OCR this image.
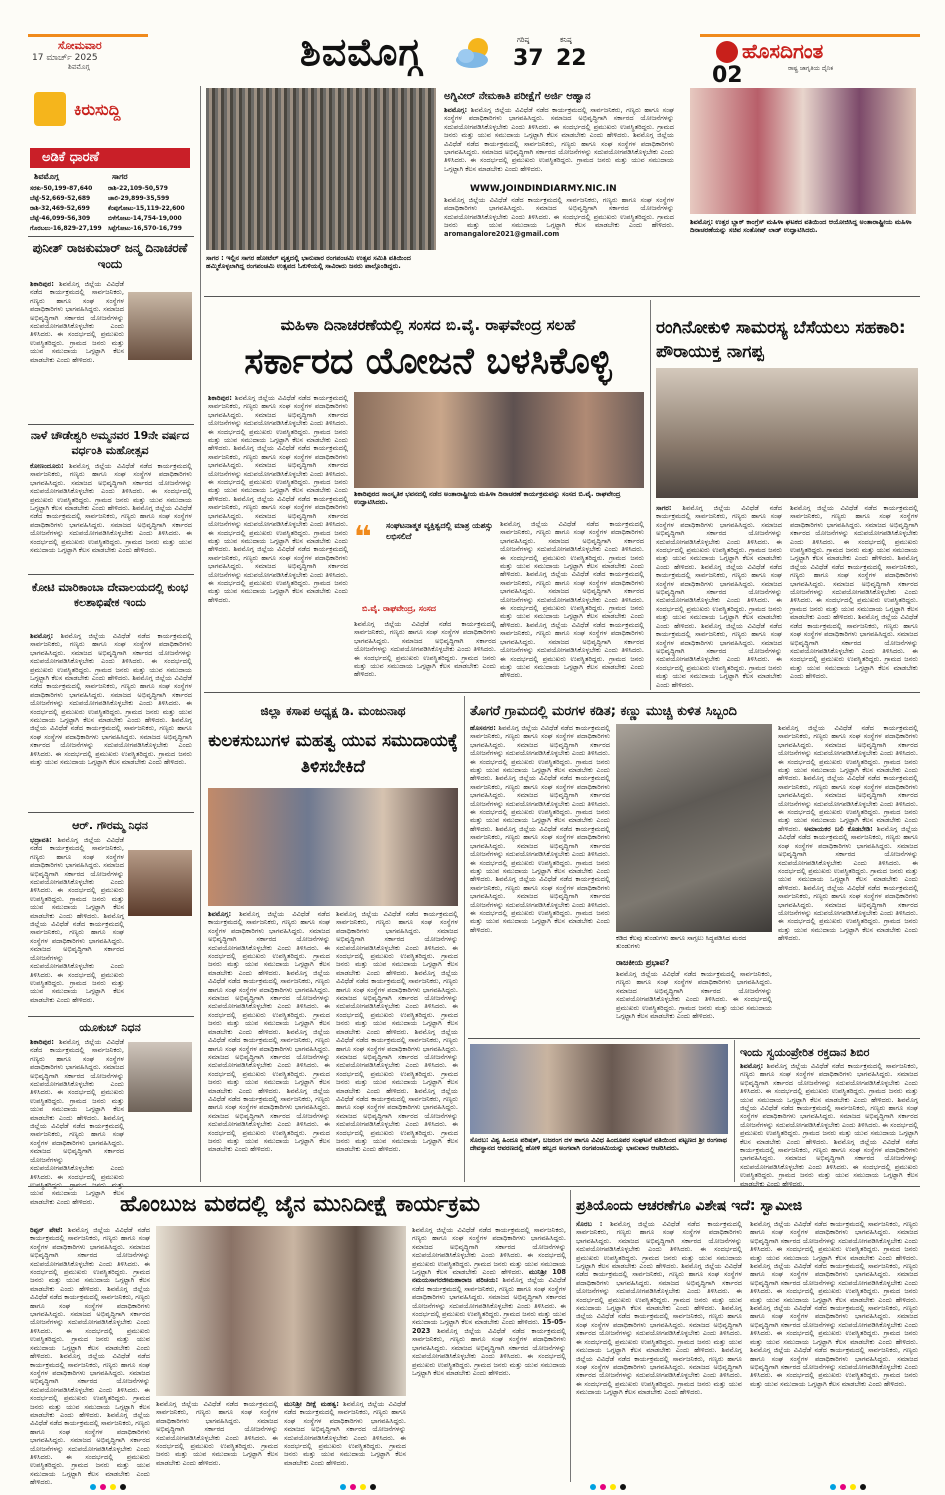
ಸೋಮವಾರ
17 ಮಾರ್ಚ್ 2025
ಶಿವಮೊಗ್ಗ	ಶಿವಮೊಗ್ಗ	ಗರಿಷ್ಠ
37
ಕನಿಷ್ಠ
22	ಹೊಸದಿಗಂತ
ರಾಷ್ಟ್ರ ಜಾಗೃತಿಯ ದೈನಿಕ
02
ಕಿರುಸುದ್ದಿ
ಅಡಿಕೆ ಧಾರಣೆ
ಶಿವಮೊಗ್ಗ	ಸಾಗರ
ಸರಕು-50,199-87,640
ಬೆಟ್ಟೆ-52,669-52,689
ರಾಶಿ-32,469-52,699
ಬೆಟ್ಟೆ-46,099-56,309
ಗೊರಬಲು-16,829-27,199
ರಾಶಿ-22,109-50,579
ಚಾಲಿ-29,899-35,599
ಕೆಂಪುಗೋಟು-15,119-22,600
ಬಿಳೆಗೋಟು-14,754-19,000
ಸಿಪ್ಪೆಗೋಟು-16,570-16,799
ಪುನೀತ್ ರಾಜಕುಮಾರ್ ಜನ್ಮ ದಿನಾಚರಣೆ ಇಂದು
ಶಿಕಾರಿಪುರ: ಶಿವಮೊಗ್ಗ ಜಿಲ್ಲೆಯ ವಿವಿಧೆಡೆ ನಡೆದ ಕಾರ್ಯಕ್ರಮದಲ್ಲಿ ಸಾರ್ವಜನಿಕರು, ಗಣ್ಯರು ಹಾಗೂ ಸಂಘ ಸಂಸ್ಥೆಗಳ ಪದಾಧಿಕಾರಿಗಳು ಭಾಗವಹಿಸಿದ್ದರು. ಸಮಾಜದ ಅಭಿವೃದ್ಧಿಗಾಗಿ ಸರ್ಕಾರದ ಯೋಜನೆಗಳನ್ನು ಸದುಪಯೋಗಪಡಿಸಿಕೊಳ್ಳಬೇಕು ಎಂದು ತಿಳಿಸಿದರು. ಈ ಸಂದರ್ಭದಲ್ಲಿ ಪ್ರಮುಖರು ಉಪಸ್ಥಿತರಿದ್ದರು. ಗ್ರಾಮದ ಜನರು ಮತ್ತು ಯುವ ಸಮುದಾಯ ಒಗ್ಗಟ್ಟಾಗಿ ಕೆಲಸ ಮಾಡಬೇಕು ಎಂದು ಹೇಳಿದರು.
ನಾಳೆ ಚೌಡೇಶ್ವರಿ ಅಮ್ಮನವರ 19ನೇ ವರ್ಷದ ವರ್ಧಂತಿ ಮಹೋತ್ಸವ
ಕೋಣಂದೂರು: ಶಿವಮೊಗ್ಗ ಜಿಲ್ಲೆಯ ವಿವಿಧೆಡೆ ನಡೆದ ಕಾರ್ಯಕ್ರಮದಲ್ಲಿ ಸಾರ್ವಜನಿಕರು, ಗಣ್ಯರು ಹಾಗೂ ಸಂಘ ಸಂಸ್ಥೆಗಳ ಪದಾಧಿಕಾರಿಗಳು ಭಾಗವಹಿಸಿದ್ದರು. ಸಮಾಜದ ಅಭಿವೃದ್ಧಿಗಾಗಿ ಸರ್ಕಾರದ ಯೋಜನೆಗಳನ್ನು ಸದುಪಯೋಗಪಡಿಸಿಕೊಳ್ಳಬೇಕು ಎಂದು ತಿಳಿಸಿದರು. ಈ ಸಂದರ್ಭದಲ್ಲಿ ಪ್ರಮುಖರು ಉಪಸ್ಥಿತರಿದ್ದರು. ಗ್ರಾಮದ ಜನರು ಮತ್ತು ಯುವ ಸಮುದಾಯ ಒಗ್ಗಟ್ಟಾಗಿ ಕೆಲಸ ಮಾಡಬೇಕು ಎಂದು ಹೇಳಿದರು. ಶಿವಮೊಗ್ಗ ಜಿಲ್ಲೆಯ ವಿವಿಧೆಡೆ ನಡೆದ ಕಾರ್ಯಕ್ರಮದಲ್ಲಿ ಸಾರ್ವಜನಿಕರು, ಗಣ್ಯರು ಹಾಗೂ ಸಂಘ ಸಂಸ್ಥೆಗಳ ಪದಾಧಿಕಾರಿಗಳು ಭಾಗವಹಿಸಿದ್ದರು. ಸಮಾಜದ ಅಭಿವೃದ್ಧಿಗಾಗಿ ಸರ್ಕಾರದ ಯೋಜನೆಗಳನ್ನು ಸದುಪಯೋಗಪಡಿಸಿಕೊಳ್ಳಬೇಕು ಎಂದು ತಿಳಿಸಿದರು. ಈ ಸಂದರ್ಭದಲ್ಲಿ ಪ್ರಮುಖರು ಉಪಸ್ಥಿತರಿದ್ದರು. ಗ್ರಾಮದ ಜನರು ಮತ್ತು ಯುವ ಸಮುದಾಯ ಒಗ್ಗಟ್ಟಾಗಿ ಕೆಲಸ ಮಾಡಬೇಕು ಎಂದು ಹೇಳಿದರು.
ಕೋಟಿ ಮಾರಿಕಾಂಬಾ ದೇವಾಲಯದಲ್ಲಿ ಕುಂಭ ಕಲಶಾಭಿಷೇಕ ಇಂದು
ಶಿವಮೊಗ್ಗ: ಶಿವಮೊಗ್ಗ ಜಿಲ್ಲೆಯ ವಿವಿಧೆಡೆ ನಡೆದ ಕಾರ್ಯಕ್ರಮದಲ್ಲಿ ಸಾರ್ವಜನಿಕರು, ಗಣ್ಯರು ಹಾಗೂ ಸಂಘ ಸಂಸ್ಥೆಗಳ ಪದಾಧಿಕಾರಿಗಳು ಭಾಗವಹಿಸಿದ್ದರು. ಸಮಾಜದ ಅಭಿವೃದ್ಧಿಗಾಗಿ ಸರ್ಕಾರದ ಯೋಜನೆಗಳನ್ನು ಸದುಪಯೋಗಪಡಿಸಿಕೊಳ್ಳಬೇಕು ಎಂದು ತಿಳಿಸಿದರು. ಈ ಸಂದರ್ಭದಲ್ಲಿ ಪ್ರಮುಖರು ಉಪಸ್ಥಿತರಿದ್ದರು. ಗ್ರಾಮದ ಜನರು ಮತ್ತು ಯುವ ಸಮುದಾಯ ಒಗ್ಗಟ್ಟಾಗಿ ಕೆಲಸ ಮಾಡಬೇಕು ಎಂದು ಹೇಳಿದರು. ಶಿವಮೊಗ್ಗ ಜಿಲ್ಲೆಯ ವಿವಿಧೆಡೆ ನಡೆದ ಕಾರ್ಯಕ್ರಮದಲ್ಲಿ ಸಾರ್ವಜನಿಕರು, ಗಣ್ಯರು ಹಾಗೂ ಸಂಘ ಸಂಸ್ಥೆಗಳ ಪದಾಧಿಕಾರಿಗಳು ಭಾಗವಹಿಸಿದ್ದರು. ಸಮಾಜದ ಅಭಿವೃದ್ಧಿಗಾಗಿ ಸರ್ಕಾರದ ಯೋಜನೆಗಳನ್ನು ಸದುಪಯೋಗಪಡಿಸಿಕೊಳ್ಳಬೇಕು ಎಂದು ತಿಳಿಸಿದರು. ಈ ಸಂದರ್ಭದಲ್ಲಿ ಪ್ರಮುಖರು ಉಪಸ್ಥಿತರಿದ್ದರು. ಗ್ರಾಮದ ಜನರು ಮತ್ತು ಯುವ ಸಮುದಾಯ ಒಗ್ಗಟ್ಟಾಗಿ ಕೆಲಸ ಮಾಡಬೇಕು ಎಂದು ಹೇಳಿದರು. ಶಿವಮೊಗ್ಗ ಜಿಲ್ಲೆಯ ವಿವಿಧೆಡೆ ನಡೆದ ಕಾರ್ಯಕ್ರಮದಲ್ಲಿ ಸಾರ್ವಜನಿಕರು, ಗಣ್ಯರು ಹಾಗೂ ಸಂಘ ಸಂಸ್ಥೆಗಳ ಪದಾಧಿಕಾರಿಗಳು ಭಾಗವಹಿಸಿದ್ದರು. ಸಮಾಜದ ಅಭಿವೃದ್ಧಿಗಾಗಿ ಸರ್ಕಾರದ ಯೋಜನೆಗಳನ್ನು ಸದುಪಯೋಗಪಡಿಸಿಕೊಳ್ಳಬೇಕು ಎಂದು ತಿಳಿಸಿದರು. ಈ ಸಂದರ್ಭದಲ್ಲಿ ಪ್ರಮುಖರು ಉಪಸ್ಥಿತರಿದ್ದರು. ಗ್ರಾಮದ ಜನರು ಮತ್ತು ಯುವ ಸಮುದಾಯ ಒಗ್ಗಟ್ಟಾಗಿ ಕೆಲಸ ಮಾಡಬೇಕು ಎಂದು ಹೇಳಿದರು.
ಆರ್. ಗೌರಮ್ಮ ನಿಧನ
ಭದ್ರಾವತಿ: ಶಿವಮೊಗ್ಗ ಜಿಲ್ಲೆಯ ವಿವಿಧೆಡೆ ನಡೆದ ಕಾರ್ಯಕ್ರಮದಲ್ಲಿ ಸಾರ್ವಜನಿಕರು, ಗಣ್ಯರು ಹಾಗೂ ಸಂಘ ಸಂಸ್ಥೆಗಳ ಪದಾಧಿಕಾರಿಗಳು ಭಾಗವಹಿಸಿದ್ದರು. ಸಮಾಜದ ಅಭಿವೃದ್ಧಿಗಾಗಿ ಸರ್ಕಾರದ ಯೋಜನೆಗಳನ್ನು ಸದುಪಯೋಗಪಡಿಸಿಕೊಳ್ಳಬೇಕು ಎಂದು ತಿಳಿಸಿದರು. ಈ ಸಂದರ್ಭದಲ್ಲಿ ಪ್ರಮುಖರು ಉಪಸ್ಥಿತರಿದ್ದರು. ಗ್ರಾಮದ ಜನರು ಮತ್ತು ಯುವ ಸಮುದಾಯ ಒಗ್ಗಟ್ಟಾಗಿ ಕೆಲಸ ಮಾಡಬೇಕು ಎಂದು ಹೇಳಿದರು. ಶಿವಮೊಗ್ಗ ಜಿಲ್ಲೆಯ ವಿವಿಧೆಡೆ ನಡೆದ ಕಾರ್ಯಕ್ರಮದಲ್ಲಿ ಸಾರ್ವಜನಿಕರು, ಗಣ್ಯರು ಹಾಗೂ ಸಂಘ ಸಂಸ್ಥೆಗಳ ಪದಾಧಿಕಾರಿಗಳು ಭಾಗವಹಿಸಿದ್ದರು. ಸಮಾಜದ ಅಭಿವೃದ್ಧಿಗಾಗಿ ಸರ್ಕಾರದ ಯೋಜನೆಗಳನ್ನು ಸದುಪಯೋಗಪಡಿಸಿಕೊಳ್ಳಬೇಕು ಎಂದು ತಿಳಿಸಿದರು. ಈ ಸಂದರ್ಭದಲ್ಲಿ ಪ್ರಮುಖರು ಉಪಸ್ಥಿತರಿದ್ದರು. ಗ್ರಾಮದ ಜನರು ಮತ್ತು ಯುವ ಸಮುದಾಯ ಒಗ್ಗಟ್ಟಾಗಿ ಕೆಲಸ ಮಾಡಬೇಕು ಎಂದು ಹೇಳಿದರು.
ಯೂಕುಬ್ ನಿಧನ
ಶಿಕಾರಿಪುರ: ಶಿವಮೊಗ್ಗ ಜಿಲ್ಲೆಯ ವಿವಿಧೆಡೆ ನಡೆದ ಕಾರ್ಯಕ್ರಮದಲ್ಲಿ ಸಾರ್ವಜನಿಕರು, ಗಣ್ಯರು ಹಾಗೂ ಸಂಘ ಸಂಸ್ಥೆಗಳ ಪದಾಧಿಕಾರಿಗಳು ಭಾಗವಹಿಸಿದ್ದರು. ಸಮಾಜದ ಅಭಿವೃದ್ಧಿಗಾಗಿ ಸರ್ಕಾರದ ಯೋಜನೆಗಳನ್ನು ಸದುಪಯೋಗಪಡಿಸಿಕೊಳ್ಳಬೇಕು ಎಂದು ತಿಳಿಸಿದರು. ಈ ಸಂದರ್ಭದಲ್ಲಿ ಪ್ರಮುಖರು ಉಪಸ್ಥಿತರಿದ್ದರು. ಗ್ರಾಮದ ಜನರು ಮತ್ತು ಯುವ ಸಮುದಾಯ ಒಗ್ಗಟ್ಟಾಗಿ ಕೆಲಸ ಮಾಡಬೇಕು ಎಂದು ಹೇಳಿದರು. ಶಿವಮೊಗ್ಗ ಜಿಲ್ಲೆಯ ವಿವಿಧೆಡೆ ನಡೆದ ಕಾರ್ಯಕ್ರಮದಲ್ಲಿ ಸಾರ್ವಜನಿಕರು, ಗಣ್ಯರು ಹಾಗೂ ಸಂಘ ಸಂಸ್ಥೆಗಳ ಪದಾಧಿಕಾರಿಗಳು ಭಾಗವಹಿಸಿದ್ದರು. ಸಮಾಜದ ಅಭಿವೃದ್ಧಿಗಾಗಿ ಸರ್ಕಾರದ ಯೋಜನೆಗಳನ್ನು ಸದುಪಯೋಗಪಡಿಸಿಕೊಳ್ಳಬೇಕು ಎಂದು ತಿಳಿಸಿದರು. ಈ ಸಂದರ್ಭದಲ್ಲಿ ಪ್ರಮುಖರು ಉಪಸ್ಥಿತರಿದ್ದರು. ಗ್ರಾಮದ ಜನರು ಮತ್ತು ಯುವ ಸಮುದಾಯ ಒಗ್ಗಟ್ಟಾಗಿ ಕೆಲಸ ಮಾಡಬೇಕು ಎಂದು ಹೇಳಿದರು.
ಸಾಗರ : ಇಲ್ಲಿನ ಸಾಗರ ಹೋಟೆಲ್ ವೃತ್ತದಲ್ಲಿ ಭಾನುವಾರ ರಂಗಪಂಚಮಿ ಉತ್ಸವ ಸಮಿತಿ ವತಿಯಿಂದ ಹಮ್ಮಿಕೊಳ್ಳಲಾಗಿದ್ದ ರಂಗಪಂಚಮಿ ಉತ್ಸವದ ಓಕುಳಿಯಲ್ಲಿ ಸಾವಿರಾರು ಜನರು ಪಾಲ್ಗೊಂಡಿದ್ದರು.
ಅಗ್ನಿವೀರ್ ನೇಮಕಾತಿ ಪರೀಕ್ಷೆಗೆ ಅರ್ಜಿ ಆಹ್ವಾನ
ಶಿವಮೊಗ್ಗ: ಶಿವಮೊಗ್ಗ ಜಿಲ್ಲೆಯ ವಿವಿಧೆಡೆ ನಡೆದ ಕಾರ್ಯಕ್ರಮದಲ್ಲಿ ಸಾರ್ವಜನಿಕರು, ಗಣ್ಯರು ಹಾಗೂ ಸಂಘ ಸಂಸ್ಥೆಗಳ ಪದಾಧಿಕಾರಿಗಳು ಭಾಗವಹಿಸಿದ್ದರು. ಸಮಾಜದ ಅಭಿವೃದ್ಧಿಗಾಗಿ ಸರ್ಕಾರದ ಯೋಜನೆಗಳನ್ನು ಸದುಪಯೋಗಪಡಿಸಿಕೊಳ್ಳಬೇಕು ಎಂದು ತಿಳಿಸಿದರು. ಈ ಸಂದರ್ಭದಲ್ಲಿ ಪ್ರಮುಖರು ಉಪಸ್ಥಿತರಿದ್ದರು. ಗ್ರಾಮದ ಜನರು ಮತ್ತು ಯುವ ಸಮುದಾಯ ಒಗ್ಗಟ್ಟಾಗಿ ಕೆಲಸ ಮಾಡಬೇಕು ಎಂದು ಹೇಳಿದರು. ಶಿವಮೊಗ್ಗ ಜಿಲ್ಲೆಯ ವಿವಿಧೆಡೆ ನಡೆದ ಕಾರ್ಯಕ್ರಮದಲ್ಲಿ ಸಾರ್ವಜನಿಕರು, ಗಣ್ಯರು ಹಾಗೂ ಸಂಘ ಸಂಸ್ಥೆಗಳ ಪದಾಧಿಕಾರಿಗಳು ಭಾಗವಹಿಸಿದ್ದರು. ಸಮಾಜದ ಅಭಿವೃದ್ಧಿಗಾಗಿ ಸರ್ಕಾರದ ಯೋಜನೆಗಳನ್ನು ಸದುಪಯೋಗಪಡಿಸಿಕೊಳ್ಳಬೇಕು ಎಂದು ತಿಳಿಸಿದರು. ಈ ಸಂದರ್ಭದಲ್ಲಿ ಪ್ರಮುಖರು ಉಪಸ್ಥಿತರಿದ್ದರು. ಗ್ರಾಮದ ಜನರು ಮತ್ತು ಯುವ ಸಮುದಾಯ ಒಗ್ಗಟ್ಟಾಗಿ ಕೆಲಸ ಮಾಡಬೇಕು ಎಂದು ಹೇಳಿದರು.
WWW.JOINDINDIARMY.NIC.IN
ಶಿವಮೊಗ್ಗ ಜಿಲ್ಲೆಯ ವಿವಿಧೆಡೆ ನಡೆದ ಕಾರ್ಯಕ್ರಮದಲ್ಲಿ ಸಾರ್ವಜನಿಕರು, ಗಣ್ಯರು ಹಾಗೂ ಸಂಘ ಸಂಸ್ಥೆಗಳ ಪದಾಧಿಕಾರಿಗಳು ಭಾಗವಹಿಸಿದ್ದರು. ಸಮಾಜದ ಅಭಿವೃದ್ಧಿಗಾಗಿ ಸರ್ಕಾರದ ಯೋಜನೆಗಳನ್ನು ಸದುಪಯೋಗಪಡಿಸಿಕೊಳ್ಳಬೇಕು ಎಂದು ತಿಳಿಸಿದರು. ಈ ಸಂದರ್ಭದಲ್ಲಿ ಪ್ರಮುಖರು ಉಪಸ್ಥಿತರಿದ್ದರು. ಗ್ರಾಮದ ಜನರು ಮತ್ತು ಯುವ ಸಮುದಾಯ ಒಗ್ಗಟ್ಟಾಗಿ ಕೆಲಸ ಮಾಡಬೇಕು ಎಂದು ಹೇಳಿದರು. aromangalore2021@gmail.com
ಶಿವಮೊಗ್ಗ: ಉತ್ತರ ಬ್ಲಾಕ್ ಕಾಂಗ್ರೆಸ್ ಮಹಿಳಾ ಘಟಕದ ವತಿಯಿಂದ ಆಯೋಜಿಸಿದ್ದ ಅಂತಾರಾಷ್ಟ್ರೀಯ ಮಹಿಳಾ ದಿನಾಚರಣೆಯನ್ನು ಸಚಿವ ಸಂತೋಷ್ ಲಾಡ್ ಉದ್ಘಾಟಿಸಿದರು.
ಮಹಿಳಾ ದಿನಾಚರಣೆಯಲ್ಲಿ ಸಂಸದ ಬಿ.ವೈ. ರಾಘವೇಂದ್ರ ಸಲಹೆ
ಸರ್ಕಾರದ ಯೋಜನೆ ಬಳಸಿಕೊಳ್ಳಿ
ಶಿಕಾರಿಪುರ: ಶಿವಮೊಗ್ಗ ಜಿಲ್ಲೆಯ ವಿವಿಧೆಡೆ ನಡೆದ ಕಾರ್ಯಕ್ರಮದಲ್ಲಿ ಸಾರ್ವಜನಿಕರು, ಗಣ್ಯರು ಹಾಗೂ ಸಂಘ ಸಂಸ್ಥೆಗಳ ಪದಾಧಿಕಾರಿಗಳು ಭಾಗವಹಿಸಿದ್ದರು. ಸಮಾಜದ ಅಭಿವೃದ್ಧಿಗಾಗಿ ಸರ್ಕಾರದ ಯೋಜನೆಗಳನ್ನು ಸದುಪಯೋಗಪಡಿಸಿಕೊಳ್ಳಬೇಕು ಎಂದು ತಿಳಿಸಿದರು. ಈ ಸಂದರ್ಭದಲ್ಲಿ ಪ್ರಮುಖರು ಉಪಸ್ಥಿತರಿದ್ದರು. ಗ್ರಾಮದ ಜನರು ಮತ್ತು ಯುವ ಸಮುದಾಯ ಒಗ್ಗಟ್ಟಾಗಿ ಕೆಲಸ ಮಾಡಬೇಕು ಎಂದು ಹೇಳಿದರು. ಶಿವಮೊಗ್ಗ ಜಿಲ್ಲೆಯ ವಿವಿಧೆಡೆ ನಡೆದ ಕಾರ್ಯಕ್ರಮದಲ್ಲಿ ಸಾರ್ವಜನಿಕರು, ಗಣ್ಯರು ಹಾಗೂ ಸಂಘ ಸಂಸ್ಥೆಗಳ ಪದಾಧಿಕಾರಿಗಳು ಭಾಗವಹಿಸಿದ್ದರು. ಸಮಾಜದ ಅಭಿವೃದ್ಧಿಗಾಗಿ ಸರ್ಕಾರದ ಯೋಜನೆಗಳನ್ನು ಸದುಪಯೋಗಪಡಿಸಿಕೊಳ್ಳಬೇಕು ಎಂದು ತಿಳಿಸಿದರು. ಈ ಸಂದರ್ಭದಲ್ಲಿ ಪ್ರಮುಖರು ಉಪಸ್ಥಿತರಿದ್ದರು. ಗ್ರಾಮದ ಜನರು ಮತ್ತು ಯುವ ಸಮುದಾಯ ಒಗ್ಗಟ್ಟಾಗಿ ಕೆಲಸ ಮಾಡಬೇಕು ಎಂದು ಹೇಳಿದರು. ಶಿವಮೊಗ್ಗ ಜಿಲ್ಲೆಯ ವಿವಿಧೆಡೆ ನಡೆದ ಕಾರ್ಯಕ್ರಮದಲ್ಲಿ ಸಾರ್ವಜನಿಕರು, ಗಣ್ಯರು ಹಾಗೂ ಸಂಘ ಸಂಸ್ಥೆಗಳ ಪದಾಧಿಕಾರಿಗಳು ಭಾಗವಹಿಸಿದ್ದರು. ಸಮಾಜದ ಅಭಿವೃದ್ಧಿಗಾಗಿ ಸರ್ಕಾರದ ಯೋಜನೆಗಳನ್ನು ಸದುಪಯೋಗಪಡಿಸಿಕೊಳ್ಳಬೇಕು ಎಂದು ತಿಳಿಸಿದರು. ಈ ಸಂದರ್ಭದಲ್ಲಿ ಪ್ರಮುಖರು ಉಪಸ್ಥಿತರಿದ್ದರು. ಗ್ರಾಮದ ಜನರು ಮತ್ತು ಯುವ ಸಮುದಾಯ ಒಗ್ಗಟ್ಟಾಗಿ ಕೆಲಸ ಮಾಡಬೇಕು ಎಂದು ಹೇಳಿದರು. ಶಿವಮೊಗ್ಗ ಜಿಲ್ಲೆಯ ವಿವಿಧೆಡೆ ನಡೆದ ಕಾರ್ಯಕ್ರಮದಲ್ಲಿ ಸಾರ್ವಜನಿಕರು, ಗಣ್ಯರು ಹಾಗೂ ಸಂಘ ಸಂಸ್ಥೆಗಳ ಪದಾಧಿಕಾರಿಗಳು ಭಾಗವಹಿಸಿದ್ದರು. ಸಮಾಜದ ಅಭಿವೃದ್ಧಿಗಾಗಿ ಸರ್ಕಾರದ ಯೋಜನೆಗಳನ್ನು ಸದುಪಯೋಗಪಡಿಸಿಕೊಳ್ಳಬೇಕು ಎಂದು ತಿಳಿಸಿದರು. ಈ ಸಂದರ್ಭದಲ್ಲಿ ಪ್ರಮುಖರು ಉಪಸ್ಥಿತರಿದ್ದರು. ಗ್ರಾಮದ ಜನರು ಮತ್ತು ಯುವ ಸಮುದಾಯ ಒಗ್ಗಟ್ಟಾಗಿ ಕೆಲಸ ಮಾಡಬೇಕು ಎಂದು ಹೇಳಿದರು.
ಶಿಕಾರಿಪುರದ ಸಾಂಸ್ಕೃತಿಕ ಭವನದಲ್ಲಿ ನಡೆದ ಅಂತಾರಾಷ್ಟ್ರೀಯ ಮಹಿಳಾ ದಿನಾಚರಣೆ ಕಾರ್ಯಕ್ರಮವನ್ನು ಸಂಸದ ಬಿ.ವೈ. ರಾಘವೇಂದ್ರ ಉದ್ಘಾಟಿಸಿದರು.
❝ ಸಂಘಟನಾತ್ಮಕ ವ್ಯಕ್ತಿತ್ವದಲ್ಲಿ ಮಾತ್ರ ಯಶಸ್ಸು ಲಭಿಸಲಿದೆ
ಬಿ.ವೈ. ರಾಘವೇಂದ್ರ, ಸಂಸದ
ಶಿವಮೊಗ್ಗ ಜಿಲ್ಲೆಯ ವಿವಿಧೆಡೆ ನಡೆದ ಕಾರ್ಯಕ್ರಮದಲ್ಲಿ ಸಾರ್ವಜನಿಕರು, ಗಣ್ಯರು ಹಾಗೂ ಸಂಘ ಸಂಸ್ಥೆಗಳ ಪದಾಧಿಕಾರಿಗಳು ಭಾಗವಹಿಸಿದ್ದರು. ಸಮಾಜದ ಅಭಿವೃದ್ಧಿಗಾಗಿ ಸರ್ಕಾರದ ಯೋಜನೆಗಳನ್ನು ಸದುಪಯೋಗಪಡಿಸಿಕೊಳ್ಳಬೇಕು ಎಂದು ತಿಳಿಸಿದರು. ಈ ಸಂದರ್ಭದಲ್ಲಿ ಪ್ರಮುಖರು ಉಪಸ್ಥಿತರಿದ್ದರು. ಗ್ರಾಮದ ಜನರು ಮತ್ತು ಯುವ ಸಮುದಾಯ ಒಗ್ಗಟ್ಟಾಗಿ ಕೆಲಸ ಮಾಡಬೇಕು ಎಂದು ಹೇಳಿದರು. ಶಿವಮೊಗ್ಗ ಜಿಲ್ಲೆಯ ವಿವಿಧೆಡೆ ನಡೆದ ಕಾರ್ಯಕ್ರಮದಲ್ಲಿ ಸಾರ್ವಜನಿಕರು, ಗಣ್ಯರು ಹಾಗೂ ಸಂಘ ಸಂಸ್ಥೆಗಳ ಪದಾಧಿಕಾರಿಗಳು ಭಾಗವಹಿಸಿದ್ದರು. ಸಮಾಜದ ಅಭಿವೃದ್ಧಿಗಾಗಿ ಸರ್ಕಾರದ ಯೋಜನೆಗಳನ್ನು ಸದುಪಯೋಗಪಡಿಸಿಕೊಳ್ಳಬೇಕು ಎಂದು ತಿಳಿಸಿದರು. ಈ ಸಂದರ್ಭದಲ್ಲಿ ಪ್ರಮುಖರು ಉಪಸ್ಥಿತರಿದ್ದರು. ಗ್ರಾಮದ ಜನರು ಮತ್ತು ಯುವ ಸಮುದಾಯ ಒಗ್ಗಟ್ಟಾಗಿ ಕೆಲಸ ಮಾಡಬೇಕು ಎಂದು ಹೇಳಿದರು. ಶಿವಮೊಗ್ಗ ಜಿಲ್ಲೆಯ ವಿವಿಧೆಡೆ ನಡೆದ ಕಾರ್ಯಕ್ರಮದಲ್ಲಿ ಸಾರ್ವಜನಿಕರು, ಗಣ್ಯರು ಹಾಗೂ ಸಂಘ ಸಂಸ್ಥೆಗಳ ಪದಾಧಿಕಾರಿಗಳು ಭಾಗವಹಿಸಿದ್ದರು. ಸಮಾಜದ ಅಭಿವೃದ್ಧಿಗಾಗಿ ಸರ್ಕಾರದ ಯೋಜನೆಗಳನ್ನು ಸದುಪಯೋಗಪಡಿಸಿಕೊಳ್ಳಬೇಕು ಎಂದು ತಿಳಿಸಿದರು. ಈ ಸಂದರ್ಭದಲ್ಲಿ ಪ್ರಮುಖರು ಉಪಸ್ಥಿತರಿದ್ದರು. ಗ್ರಾಮದ ಜನರು ಮತ್ತು ಯುವ ಸಮುದಾಯ ಒಗ್ಗಟ್ಟಾಗಿ ಕೆಲಸ ಮಾಡಬೇಕು ಎಂದು ಹೇಳಿದರು.
ಶಿವಮೊಗ್ಗ ಜಿಲ್ಲೆಯ ವಿವಿಧೆಡೆ ನಡೆದ ಕಾರ್ಯಕ್ರಮದಲ್ಲಿ ಸಾರ್ವಜನಿಕರು, ಗಣ್ಯರು ಹಾಗೂ ಸಂಘ ಸಂಸ್ಥೆಗಳ ಪದಾಧಿಕಾರಿಗಳು ಭಾಗವಹಿಸಿದ್ದರು. ಸಮಾಜದ ಅಭಿವೃದ್ಧಿಗಾಗಿ ಸರ್ಕಾರದ ಯೋಜನೆಗಳನ್ನು ಸದುಪಯೋಗಪಡಿಸಿಕೊಳ್ಳಬೇಕು ಎಂದು ತಿಳಿಸಿದರು. ಈ ಸಂದರ್ಭದಲ್ಲಿ ಪ್ರಮುಖರು ಉಪಸ್ಥಿತರಿದ್ದರು. ಗ್ರಾಮದ ಜನರು ಮತ್ತು ಯುವ ಸಮುದಾಯ ಒಗ್ಗಟ್ಟಾಗಿ ಕೆಲಸ ಮಾಡಬೇಕು ಎಂದು ಹೇಳಿದರು.
ರಂಗಿನೋಕುಳಿ ಸಾಮರಸ್ಯ ಬೆಸೆಯಲು ಸಹಕಾರಿ: ಪೌರಾಯುಕ್ತ ನಾಗಪ್ಪ
ಸಾಗರ: ಶಿವಮೊಗ್ಗ ಜಿಲ್ಲೆಯ ವಿವಿಧೆಡೆ ನಡೆದ ಕಾರ್ಯಕ್ರಮದಲ್ಲಿ ಸಾರ್ವಜನಿಕರು, ಗಣ್ಯರು ಹಾಗೂ ಸಂಘ ಸಂಸ್ಥೆಗಳ ಪದಾಧಿಕಾರಿಗಳು ಭಾಗವಹಿಸಿದ್ದರು. ಸಮಾಜದ ಅಭಿವೃದ್ಧಿಗಾಗಿ ಸರ್ಕಾರದ ಯೋಜನೆಗಳನ್ನು ಸದುಪಯೋಗಪಡಿಸಿಕೊಳ್ಳಬೇಕು ಎಂದು ತಿಳಿಸಿದರು. ಈ ಸಂದರ್ಭದಲ್ಲಿ ಪ್ರಮುಖರು ಉಪಸ್ಥಿತರಿದ್ದರು. ಗ್ರಾಮದ ಜನರು ಮತ್ತು ಯುವ ಸಮುದಾಯ ಒಗ್ಗಟ್ಟಾಗಿ ಕೆಲಸ ಮಾಡಬೇಕು ಎಂದು ಹೇಳಿದರು. ಶಿವಮೊಗ್ಗ ಜಿಲ್ಲೆಯ ವಿವಿಧೆಡೆ ನಡೆದ ಕಾರ್ಯಕ್ರಮದಲ್ಲಿ ಸಾರ್ವಜನಿಕರು, ಗಣ್ಯರು ಹಾಗೂ ಸಂಘ ಸಂಸ್ಥೆಗಳ ಪದಾಧಿಕಾರಿಗಳು ಭಾಗವಹಿಸಿದ್ದರು. ಸಮಾಜದ ಅಭಿವೃದ್ಧಿಗಾಗಿ ಸರ್ಕಾರದ ಯೋಜನೆಗಳನ್ನು ಸದುಪಯೋಗಪಡಿಸಿಕೊಳ್ಳಬೇಕು ಎಂದು ತಿಳಿಸಿದರು. ಈ ಸಂದರ್ಭದಲ್ಲಿ ಪ್ರಮುಖರು ಉಪಸ್ಥಿತರಿದ್ದರು. ಗ್ರಾಮದ ಜನರು ಮತ್ತು ಯುವ ಸಮುದಾಯ ಒಗ್ಗಟ್ಟಾಗಿ ಕೆಲಸ ಮಾಡಬೇಕು ಎಂದು ಹೇಳಿದರು. ಶಿವಮೊಗ್ಗ ಜಿಲ್ಲೆಯ ವಿವಿಧೆಡೆ ನಡೆದ ಕಾರ್ಯಕ್ರಮದಲ್ಲಿ ಸಾರ್ವಜನಿಕರು, ಗಣ್ಯರು ಹಾಗೂ ಸಂಘ ಸಂಸ್ಥೆಗಳ ಪದಾಧಿಕಾರಿಗಳು ಭಾಗವಹಿಸಿದ್ದರು. ಸಮಾಜದ ಅಭಿವೃದ್ಧಿಗಾಗಿ ಸರ್ಕಾರದ ಯೋಜನೆಗಳನ್ನು ಸದುಪಯೋಗಪಡಿಸಿಕೊಳ್ಳಬೇಕು ಎಂದು ತಿಳಿಸಿದರು. ಈ ಸಂದರ್ಭದಲ್ಲಿ ಪ್ರಮುಖರು ಉಪಸ್ಥಿತರಿದ್ದರು. ಗ್ರಾಮದ ಜನರು ಮತ್ತು ಯುವ ಸಮುದಾಯ ಒಗ್ಗಟ್ಟಾಗಿ ಕೆಲಸ ಮಾಡಬೇಕು ಎಂದು ಹೇಳಿದರು.
ಶಿವಮೊಗ್ಗ ಜಿಲ್ಲೆಯ ವಿವಿಧೆಡೆ ನಡೆದ ಕಾರ್ಯಕ್ರಮದಲ್ಲಿ ಸಾರ್ವಜನಿಕರು, ಗಣ್ಯರು ಹಾಗೂ ಸಂಘ ಸಂಸ್ಥೆಗಳ ಪದಾಧಿಕಾರಿಗಳು ಭಾಗವಹಿಸಿದ್ದರು. ಸಮಾಜದ ಅಭಿವೃದ್ಧಿಗಾಗಿ ಸರ್ಕಾರದ ಯೋಜನೆಗಳನ್ನು ಸದುಪಯೋಗಪಡಿಸಿಕೊಳ್ಳಬೇಕು ಎಂದು ತಿಳಿಸಿದರು. ಈ ಸಂದರ್ಭದಲ್ಲಿ ಪ್ರಮುಖರು ಉಪಸ್ಥಿತರಿದ್ದರು. ಗ್ರಾಮದ ಜನರು ಮತ್ತು ಯುವ ಸಮುದಾಯ ಒಗ್ಗಟ್ಟಾಗಿ ಕೆಲಸ ಮಾಡಬೇಕು ಎಂದು ಹೇಳಿದರು. ಶಿವಮೊಗ್ಗ ಜಿಲ್ಲೆಯ ವಿವಿಧೆಡೆ ನಡೆದ ಕಾರ್ಯಕ್ರಮದಲ್ಲಿ ಸಾರ್ವಜನಿಕರು, ಗಣ್ಯರು ಹಾಗೂ ಸಂಘ ಸಂಸ್ಥೆಗಳ ಪದಾಧಿಕಾರಿಗಳು ಭಾಗವಹಿಸಿದ್ದರು. ಸಮಾಜದ ಅಭಿವೃದ್ಧಿಗಾಗಿ ಸರ್ಕಾರದ ಯೋಜನೆಗಳನ್ನು ಸದುಪಯೋಗಪಡಿಸಿಕೊಳ್ಳಬೇಕು ಎಂದು ತಿಳಿಸಿದರು. ಈ ಸಂದರ್ಭದಲ್ಲಿ ಪ್ರಮುಖರು ಉಪಸ್ಥಿತರಿದ್ದರು. ಗ್ರಾಮದ ಜನರು ಮತ್ತು ಯುವ ಸಮುದಾಯ ಒಗ್ಗಟ್ಟಾಗಿ ಕೆಲಸ ಮಾಡಬೇಕು ಎಂದು ಹೇಳಿದರು. ಶಿವಮೊಗ್ಗ ಜಿಲ್ಲೆಯ ವಿವಿಧೆಡೆ ನಡೆದ ಕಾರ್ಯಕ್ರಮದಲ್ಲಿ ಸಾರ್ವಜನಿಕರು, ಗಣ್ಯರು ಹಾಗೂ ಸಂಘ ಸಂಸ್ಥೆಗಳ ಪದಾಧಿಕಾರಿಗಳು ಭಾಗವಹಿಸಿದ್ದರು. ಸಮಾಜದ ಅಭಿವೃದ್ಧಿಗಾಗಿ ಸರ್ಕಾರದ ಯೋಜನೆಗಳನ್ನು ಸದುಪಯೋಗಪಡಿಸಿಕೊಳ್ಳಬೇಕು ಎಂದು ತಿಳಿಸಿದರು. ಈ ಸಂದರ್ಭದಲ್ಲಿ ಪ್ರಮುಖರು ಉಪಸ್ಥಿತರಿದ್ದರು. ಗ್ರಾಮದ ಜನರು ಮತ್ತು ಯುವ ಸಮುದಾಯ ಒಗ್ಗಟ್ಟಾಗಿ ಕೆಲಸ ಮಾಡಬೇಕು ಎಂದು ಹೇಳಿದರು.
ಜಿಲ್ಲಾ ಕಸಾಪ ಅಧ್ಯಕ್ಷ ಡಿ. ಮಂಜುನಾಥ
ಕುಲಕಸುಬುಗಳ ಮಹತ್ವ ಯುವ ಸಮುದಾಯಕ್ಕೆ ತಿಳಿಸಬೇಕಿದೆ
ಶಿವಮೊಗ್ಗ: ಶಿವಮೊಗ್ಗ ಜಿಲ್ಲೆಯ ವಿವಿಧೆಡೆ ನಡೆದ ಕಾರ್ಯಕ್ರಮದಲ್ಲಿ ಸಾರ್ವಜನಿಕರು, ಗಣ್ಯರು ಹಾಗೂ ಸಂಘ ಸಂಸ್ಥೆಗಳ ಪದಾಧಿಕಾರಿಗಳು ಭಾಗವಹಿಸಿದ್ದರು. ಸಮಾಜದ ಅಭಿವೃದ್ಧಿಗಾಗಿ ಸರ್ಕಾರದ ಯೋಜನೆಗಳನ್ನು ಸದುಪಯೋಗಪಡಿಸಿಕೊಳ್ಳಬೇಕು ಎಂದು ತಿಳಿಸಿದರು. ಈ ಸಂದರ್ಭದಲ್ಲಿ ಪ್ರಮುಖರು ಉಪಸ್ಥಿತರಿದ್ದರು. ಗ್ರಾಮದ ಜನರು ಮತ್ತು ಯುವ ಸಮುದಾಯ ಒಗ್ಗಟ್ಟಾಗಿ ಕೆಲಸ ಮಾಡಬೇಕು ಎಂದು ಹೇಳಿದರು. ಶಿವಮೊಗ್ಗ ಜಿಲ್ಲೆಯ ವಿವಿಧೆಡೆ ನಡೆದ ಕಾರ್ಯಕ್ರಮದಲ್ಲಿ ಸಾರ್ವಜನಿಕರು, ಗಣ್ಯರು ಹಾಗೂ ಸಂಘ ಸಂಸ್ಥೆಗಳ ಪದಾಧಿಕಾರಿಗಳು ಭಾಗವಹಿಸಿದ್ದರು. ಸಮಾಜದ ಅಭಿವೃದ್ಧಿಗಾಗಿ ಸರ್ಕಾರದ ಯೋಜನೆಗಳನ್ನು ಸದುಪಯೋಗಪಡಿಸಿಕೊಳ್ಳಬೇಕು ಎಂದು ತಿಳಿಸಿದರು. ಈ ಸಂದರ್ಭದಲ್ಲಿ ಪ್ರಮುಖರು ಉಪಸ್ಥಿತರಿದ್ದರು. ಗ್ರಾಮದ ಜನರು ಮತ್ತು ಯುವ ಸಮುದಾಯ ಒಗ್ಗಟ್ಟಾಗಿ ಕೆಲಸ ಮಾಡಬೇಕು ಎಂದು ಹೇಳಿದರು. ಶಿವಮೊಗ್ಗ ಜಿಲ್ಲೆಯ ವಿವಿಧೆಡೆ ನಡೆದ ಕಾರ್ಯಕ್ರಮದಲ್ಲಿ ಸಾರ್ವಜನಿಕರು, ಗಣ್ಯರು ಹಾಗೂ ಸಂಘ ಸಂಸ್ಥೆಗಳ ಪದಾಧಿಕಾರಿಗಳು ಭಾಗವಹಿಸಿದ್ದರು. ಸಮಾಜದ ಅಭಿವೃದ್ಧಿಗಾಗಿ ಸರ್ಕಾರದ ಯೋಜನೆಗಳನ್ನು ಸದುಪಯೋಗಪಡಿಸಿಕೊಳ್ಳಬೇಕು ಎಂದು ತಿಳಿಸಿದರು. ಈ ಸಂದರ್ಭದಲ್ಲಿ ಪ್ರಮುಖರು ಉಪಸ್ಥಿತರಿದ್ದರು. ಗ್ರಾಮದ ಜನರು ಮತ್ತು ಯುವ ಸಮುದಾಯ ಒಗ್ಗಟ್ಟಾಗಿ ಕೆಲಸ ಮಾಡಬೇಕು ಎಂದು ಹೇಳಿದರು. ಶಿವಮೊಗ್ಗ ಜಿಲ್ಲೆಯ ವಿವಿಧೆಡೆ ನಡೆದ ಕಾರ್ಯಕ್ರಮದಲ್ಲಿ ಸಾರ್ವಜನಿಕರು, ಗಣ್ಯರು ಹಾಗೂ ಸಂಘ ಸಂಸ್ಥೆಗಳ ಪದಾಧಿಕಾರಿಗಳು ಭಾಗವಹಿಸಿದ್ದರು. ಸಮಾಜದ ಅಭಿವೃದ್ಧಿಗಾಗಿ ಸರ್ಕಾರದ ಯೋಜನೆಗಳನ್ನು ಸದುಪಯೋಗಪಡಿಸಿಕೊಳ್ಳಬೇಕು ಎಂದು ತಿಳಿಸಿದರು. ಈ ಸಂದರ್ಭದಲ್ಲಿ ಪ್ರಮುಖರು ಉಪಸ್ಥಿತರಿದ್ದರು. ಗ್ರಾಮದ ಜನರು ಮತ್ತು ಯುವ ಸಮುದಾಯ ಒಗ್ಗಟ್ಟಾಗಿ ಕೆಲಸ ಮಾಡಬೇಕು ಎಂದು ಹೇಳಿದರು.
ಶಿವಮೊಗ್ಗ ಜಿಲ್ಲೆಯ ವಿವಿಧೆಡೆ ನಡೆದ ಕಾರ್ಯಕ್ರಮದಲ್ಲಿ ಸಾರ್ವಜನಿಕರು, ಗಣ್ಯರು ಹಾಗೂ ಸಂಘ ಸಂಸ್ಥೆಗಳ ಪದಾಧಿಕಾರಿಗಳು ಭಾಗವಹಿಸಿದ್ದರು. ಸಮಾಜದ ಅಭಿವೃದ್ಧಿಗಾಗಿ ಸರ್ಕಾರದ ಯೋಜನೆಗಳನ್ನು ಸದುಪಯೋಗಪಡಿಸಿಕೊಳ್ಳಬೇಕು ಎಂದು ತಿಳಿಸಿದರು. ಈ ಸಂದರ್ಭದಲ್ಲಿ ಪ್ರಮುಖರು ಉಪಸ್ಥಿತರಿದ್ದರು. ಗ್ರಾಮದ ಜನರು ಮತ್ತು ಯುವ ಸಮುದಾಯ ಒಗ್ಗಟ್ಟಾಗಿ ಕೆಲಸ ಮಾಡಬೇಕು ಎಂದು ಹೇಳಿದರು. ಶಿವಮೊಗ್ಗ ಜಿಲ್ಲೆಯ ವಿವಿಧೆಡೆ ನಡೆದ ಕಾರ್ಯಕ್ರಮದಲ್ಲಿ ಸಾರ್ವಜನಿಕರು, ಗಣ್ಯರು ಹಾಗೂ ಸಂಘ ಸಂಸ್ಥೆಗಳ ಪದಾಧಿಕಾರಿಗಳು ಭಾಗವಹಿಸಿದ್ದರು. ಸಮಾಜದ ಅಭಿವೃದ್ಧಿಗಾಗಿ ಸರ್ಕಾರದ ಯೋಜನೆಗಳನ್ನು ಸದುಪಯೋಗಪಡಿಸಿಕೊಳ್ಳಬೇಕು ಎಂದು ತಿಳಿಸಿದರು. ಈ ಸಂದರ್ಭದಲ್ಲಿ ಪ್ರಮುಖರು ಉಪಸ್ಥಿತರಿದ್ದರು. ಗ್ರಾಮದ ಜನರು ಮತ್ತು ಯುವ ಸಮುದಾಯ ಒಗ್ಗಟ್ಟಾಗಿ ಕೆಲಸ ಮಾಡಬೇಕು ಎಂದು ಹೇಳಿದರು. ಶಿವಮೊಗ್ಗ ಜಿಲ್ಲೆಯ ವಿವಿಧೆಡೆ ನಡೆದ ಕಾರ್ಯಕ್ರಮದಲ್ಲಿ ಸಾರ್ವಜನಿಕರು, ಗಣ್ಯರು ಹಾಗೂ ಸಂಘ ಸಂಸ್ಥೆಗಳ ಪದಾಧಿಕಾರಿಗಳು ಭಾಗವಹಿಸಿದ್ದರು. ಸಮಾಜದ ಅಭಿವೃದ್ಧಿಗಾಗಿ ಸರ್ಕಾರದ ಯೋಜನೆಗಳನ್ನು ಸದುಪಯೋಗಪಡಿಸಿಕೊಳ್ಳಬೇಕು ಎಂದು ತಿಳಿಸಿದರು. ಈ ಸಂದರ್ಭದಲ್ಲಿ ಪ್ರಮುಖರು ಉಪಸ್ಥಿತರಿದ್ದರು. ಗ್ರಾಮದ ಜನರು ಮತ್ತು ಯುವ ಸಮುದಾಯ ಒಗ್ಗಟ್ಟಾಗಿ ಕೆಲಸ ಮಾಡಬೇಕು ಎಂದು ಹೇಳಿದರು. ಶಿವಮೊಗ್ಗ ಜಿಲ್ಲೆಯ ವಿವಿಧೆಡೆ ನಡೆದ ಕಾರ್ಯಕ್ರಮದಲ್ಲಿ ಸಾರ್ವಜನಿಕರು, ಗಣ್ಯರು ಹಾಗೂ ಸಂಘ ಸಂಸ್ಥೆಗಳ ಪದಾಧಿಕಾರಿಗಳು ಭಾಗವಹಿಸಿದ್ದರು. ಸಮಾಜದ ಅಭಿವೃದ್ಧಿಗಾಗಿ ಸರ್ಕಾರದ ಯೋಜನೆಗಳನ್ನು ಸದುಪಯೋಗಪಡಿಸಿಕೊಳ್ಳಬೇಕು ಎಂದು ತಿಳಿಸಿದರು. ಈ ಸಂದರ್ಭದಲ್ಲಿ ಪ್ರಮುಖರು ಉಪಸ್ಥಿತರಿದ್ದರು. ಗ್ರಾಮದ ಜನರು ಮತ್ತು ಯುವ ಸಮುದಾಯ ಒಗ್ಗಟ್ಟಾಗಿ ಕೆಲಸ ಮಾಡಬೇಕು ಎಂದು ಹೇಳಿದರು.
ತೊಗರೆ ಗ್ರಾಮದಲ್ಲಿ ಮರಗಳ ಕಡಿತ; ಕಣ್ಣು ಮುಚ್ಚಿ ಕುಳಿತ ಸಿಬ್ಬಂದಿ
ಹೊಸನಗರ: ಶಿವಮೊಗ್ಗ ಜಿಲ್ಲೆಯ ವಿವಿಧೆಡೆ ನಡೆದ ಕಾರ್ಯಕ್ರಮದಲ್ಲಿ ಸಾರ್ವಜನಿಕರು, ಗಣ್ಯರು ಹಾಗೂ ಸಂಘ ಸಂಸ್ಥೆಗಳ ಪದಾಧಿಕಾರಿಗಳು ಭಾಗವಹಿಸಿದ್ದರು. ಸಮಾಜದ ಅಭಿವೃದ್ಧಿಗಾಗಿ ಸರ್ಕಾರದ ಯೋಜನೆಗಳನ್ನು ಸದುಪಯೋಗಪಡಿಸಿಕೊಳ್ಳಬೇಕು ಎಂದು ತಿಳಿಸಿದರು. ಈ ಸಂದರ್ಭದಲ್ಲಿ ಪ್ರಮುಖರು ಉಪಸ್ಥಿತರಿದ್ದರು. ಗ್ರಾಮದ ಜನರು ಮತ್ತು ಯುವ ಸಮುದಾಯ ಒಗ್ಗಟ್ಟಾಗಿ ಕೆಲಸ ಮಾಡಬೇಕು ಎಂದು ಹೇಳಿದರು. ಶಿವಮೊಗ್ಗ ಜಿಲ್ಲೆಯ ವಿವಿಧೆಡೆ ನಡೆದ ಕಾರ್ಯಕ್ರಮದಲ್ಲಿ ಸಾರ್ವಜನಿಕರು, ಗಣ್ಯರು ಹಾಗೂ ಸಂಘ ಸಂಸ್ಥೆಗಳ ಪದಾಧಿಕಾರಿಗಳು ಭಾಗವಹಿಸಿದ್ದರು. ಸಮಾಜದ ಅಭಿವೃದ್ಧಿಗಾಗಿ ಸರ್ಕಾರದ ಯೋಜನೆಗಳನ್ನು ಸದುಪಯೋಗಪಡಿಸಿಕೊಳ್ಳಬೇಕು ಎಂದು ತಿಳಿಸಿದರು. ಈ ಸಂದರ್ಭದಲ್ಲಿ ಪ್ರಮುಖರು ಉಪಸ್ಥಿತರಿದ್ದರು. ಗ್ರಾಮದ ಜನರು ಮತ್ತು ಯುವ ಸಮುದಾಯ ಒಗ್ಗಟ್ಟಾಗಿ ಕೆಲಸ ಮಾಡಬೇಕು ಎಂದು ಹೇಳಿದರು. ಶಿವಮೊಗ್ಗ ಜಿಲ್ಲೆಯ ವಿವಿಧೆಡೆ ನಡೆದ ಕಾರ್ಯಕ್ರಮದಲ್ಲಿ ಸಾರ್ವಜನಿಕರು, ಗಣ್ಯರು ಹಾಗೂ ಸಂಘ ಸಂಸ್ಥೆಗಳ ಪದಾಧಿಕಾರಿಗಳು ಭಾಗವಹಿಸಿದ್ದರು. ಸಮಾಜದ ಅಭಿವೃದ್ಧಿಗಾಗಿ ಸರ್ಕಾರದ ಯೋಜನೆಗಳನ್ನು ಸದುಪಯೋಗಪಡಿಸಿಕೊಳ್ಳಬೇಕು ಎಂದು ತಿಳಿಸಿದರು. ಈ ಸಂದರ್ಭದಲ್ಲಿ ಪ್ರಮುಖರು ಉಪಸ್ಥಿತರಿದ್ದರು. ಗ್ರಾಮದ ಜನರು ಮತ್ತು ಯುವ ಸಮುದಾಯ ಒಗ್ಗಟ್ಟಾಗಿ ಕೆಲಸ ಮಾಡಬೇಕು ಎಂದು ಹೇಳಿದರು. ಶಿವಮೊಗ್ಗ ಜಿಲ್ಲೆಯ ವಿವಿಧೆಡೆ ನಡೆದ ಕಾರ್ಯಕ್ರಮದಲ್ಲಿ ಸಾರ್ವಜನಿಕರು, ಗಣ್ಯರು ಹಾಗೂ ಸಂಘ ಸಂಸ್ಥೆಗಳ ಪದಾಧಿಕಾರಿಗಳು ಭಾಗವಹಿಸಿದ್ದರು. ಸಮಾಜದ ಅಭಿವೃದ್ಧಿಗಾಗಿ ಸರ್ಕಾರದ ಯೋಜನೆಗಳನ್ನು ಸದುಪಯೋಗಪಡಿಸಿಕೊಳ್ಳಬೇಕು ಎಂದು ತಿಳಿಸಿದರು. ಈ ಸಂದರ್ಭದಲ್ಲಿ ಪ್ರಮುಖರು ಉಪಸ್ಥಿತರಿದ್ದರು. ಗ್ರಾಮದ ಜನರು ಮತ್ತು ಯುವ ಸಮುದಾಯ ಒಗ್ಗಟ್ಟಾಗಿ ಕೆಲಸ ಮಾಡಬೇಕು ಎಂದು ಹೇಳಿದರು.
ಕಡಿದ ಕೆಲವು ತುಂಡುಗಳು ಹಾಗೂ ಸಾಗ್ಸಲು ಸಿದ್ಧಪಡಿಸಿದ ಮರದ ತುಂಡುಗಳು
ರಾಜಕೀಯ ಪ್ರಭಾವ?
ಶಿವಮೊಗ್ಗ ಜಿಲ್ಲೆಯ ವಿವಿಧೆಡೆ ನಡೆದ ಕಾರ್ಯಕ್ರಮದಲ್ಲಿ ಸಾರ್ವಜನಿಕರು, ಗಣ್ಯರು ಹಾಗೂ ಸಂಘ ಸಂಸ್ಥೆಗಳ ಪದಾಧಿಕಾರಿಗಳು ಭಾಗವಹಿಸಿದ್ದರು. ಸಮಾಜದ ಅಭಿವೃದ್ಧಿಗಾಗಿ ಸರ್ಕಾರದ ಯೋಜನೆಗಳನ್ನು ಸದುಪಯೋಗಪಡಿಸಿಕೊಳ್ಳಬೇಕು ಎಂದು ತಿಳಿಸಿದರು. ಈ ಸಂದರ್ಭದಲ್ಲಿ ಪ್ರಮುಖರು ಉಪಸ್ಥಿತರಿದ್ದರು. ಗ್ರಾಮದ ಜನರು ಮತ್ತು ಯುವ ಸಮುದಾಯ ಒಗ್ಗಟ್ಟಾಗಿ ಕೆಲಸ ಮಾಡಬೇಕು ಎಂದು ಹೇಳಿದರು.
ಶಿವಮೊಗ್ಗ ಜಿಲ್ಲೆಯ ವಿವಿಧೆಡೆ ನಡೆದ ಕಾರ್ಯಕ್ರಮದಲ್ಲಿ ಸಾರ್ವಜನಿಕರು, ಗಣ್ಯರು ಹಾಗೂ ಸಂಘ ಸಂಸ್ಥೆಗಳ ಪದಾಧಿಕಾರಿಗಳು ಭಾಗವಹಿಸಿದ್ದರು. ಸಮಾಜದ ಅಭಿವೃದ್ಧಿಗಾಗಿ ಸರ್ಕಾರದ ಯೋಜನೆಗಳನ್ನು ಸದುಪಯೋಗಪಡಿಸಿಕೊಳ್ಳಬೇಕು ಎಂದು ತಿಳಿಸಿದರು. ಈ ಸಂದರ್ಭದಲ್ಲಿ ಪ್ರಮುಖರು ಉಪಸ್ಥಿತರಿದ್ದರು. ಗ್ರಾಮದ ಜನರು ಮತ್ತು ಯುವ ಸಮುದಾಯ ಒಗ್ಗಟ್ಟಾಗಿ ಕೆಲಸ ಮಾಡಬೇಕು ಎಂದು ಹೇಳಿದರು. ಶಿವಮೊಗ್ಗ ಜಿಲ್ಲೆಯ ವಿವಿಧೆಡೆ ನಡೆದ ಕಾರ್ಯಕ್ರಮದಲ್ಲಿ ಸಾರ್ವಜನಿಕರು, ಗಣ್ಯರು ಹಾಗೂ ಸಂಘ ಸಂಸ್ಥೆಗಳ ಪದಾಧಿಕಾರಿಗಳು ಭಾಗವಹಿಸಿದ್ದರು. ಸಮಾಜದ ಅಭಿವೃದ್ಧಿಗಾಗಿ ಸರ್ಕಾರದ ಯೋಜನೆಗಳನ್ನು ಸದುಪಯೋಗಪಡಿಸಿಕೊಳ್ಳಬೇಕು ಎಂದು ತಿಳಿಸಿದರು. ಈ ಸಂದರ್ಭದಲ್ಲಿ ಪ್ರಮುಖರು ಉಪಸ್ಥಿತರಿದ್ದರು. ಗ್ರಾಮದ ಜನರು ಮತ್ತು ಯುವ ಸಮುದಾಯ ಒಗ್ಗಟ್ಟಾಗಿ ಕೆಲಸ ಮಾಡಬೇಕು ಎಂದು ಹೇಳಿದರು. ಅಮಾಯಕರ ಬಲಿ ಕೊಡಬೇಡಿ: ಶಿವಮೊಗ್ಗ ಜಿಲ್ಲೆಯ ವಿವಿಧೆಡೆ ನಡೆದ ಕಾರ್ಯಕ್ರಮದಲ್ಲಿ ಸಾರ್ವಜನಿಕರು, ಗಣ್ಯರು ಹಾಗೂ ಸಂಘ ಸಂಸ್ಥೆಗಳ ಪದಾಧಿಕಾರಿಗಳು ಭಾಗವಹಿಸಿದ್ದರು. ಸಮಾಜದ ಅಭಿವೃದ್ಧಿಗಾಗಿ ಸರ್ಕಾರದ ಯೋಜನೆಗಳನ್ನು ಸದುಪಯೋಗಪಡಿಸಿಕೊಳ್ಳಬೇಕು ಎಂದು ತಿಳಿಸಿದರು. ಈ ಸಂದರ್ಭದಲ್ಲಿ ಪ್ರಮುಖರು ಉಪಸ್ಥಿತರಿದ್ದರು. ಗ್ರಾಮದ ಜನರು ಮತ್ತು ಯುವ ಸಮುದಾಯ ಒಗ್ಗಟ್ಟಾಗಿ ಕೆಲಸ ಮಾಡಬೇಕು ಎಂದು ಹೇಳಿದರು. ಶಿವಮೊಗ್ಗ ಜಿಲ್ಲೆಯ ವಿವಿಧೆಡೆ ನಡೆದ ಕಾರ್ಯಕ್ರಮದಲ್ಲಿ ಸಾರ್ವಜನಿಕರು, ಗಣ್ಯರು ಹಾಗೂ ಸಂಘ ಸಂಸ್ಥೆಗಳ ಪದಾಧಿಕಾರಿಗಳು ಭಾಗವಹಿಸಿದ್ದರು. ಸಮಾಜದ ಅಭಿವೃದ್ಧಿಗಾಗಿ ಸರ್ಕಾರದ ಯೋಜನೆಗಳನ್ನು ಸದುಪಯೋಗಪಡಿಸಿಕೊಳ್ಳಬೇಕು ಎಂದು ತಿಳಿಸಿದರು. ಈ ಸಂದರ್ಭದಲ್ಲಿ ಪ್ರಮುಖರು ಉಪಸ್ಥಿತರಿದ್ದರು. ಗ್ರಾಮದ ಜನರು ಮತ್ತು ಯುವ ಸಮುದಾಯ ಒಗ್ಗಟ್ಟಾಗಿ ಕೆಲಸ ಮಾಡಬೇಕು ಎಂದು ಹೇಳಿದರು.
ಸೊರಬ: ವಿಶ್ವ ಹಿಂದೂ ಪರಿಷತ್, ಬಜರಂಗ ದಳ ಹಾಗೂ ವಿವಿಧ ಹಿಂದೂಪರ ಸಂಘಟನೆ ವತಿಯಿಂದ ಪಟ್ಟಣದ ಶ್ರೀ ರಂಗನಾಥ ದೇವಸ್ಥಾನದ ಆವರಣದಲ್ಲಿ ಹೋಳಿ ಹಬ್ಬದ ಅಂಗವಾಗಿ ರಂಗಪಂಚಮಿಯನ್ನು ಭಾನುವಾರ ಆಚರಿಸಿದರು.
ಇಂದು ಸ್ವಯಂಪ್ರೇರಿತ ರಕ್ತದಾನ ಶಿಬಿರ
ಶಿವಮೊಗ್ಗ: ಶಿವಮೊಗ್ಗ ಜಿಲ್ಲೆಯ ವಿವಿಧೆಡೆ ನಡೆದ ಕಾರ್ಯಕ್ರಮದಲ್ಲಿ ಸಾರ್ವಜನಿಕರು, ಗಣ್ಯರು ಹಾಗೂ ಸಂಘ ಸಂಸ್ಥೆಗಳ ಪದಾಧಿಕಾರಿಗಳು ಭಾಗವಹಿಸಿದ್ದರು. ಸಮಾಜದ ಅಭಿವೃದ್ಧಿಗಾಗಿ ಸರ್ಕಾರದ ಯೋಜನೆಗಳನ್ನು ಸದುಪಯೋಗಪಡಿಸಿಕೊಳ್ಳಬೇಕು ಎಂದು ತಿಳಿಸಿದರು. ಈ ಸಂದರ್ಭದಲ್ಲಿ ಪ್ರಮುಖರು ಉಪಸ್ಥಿತರಿದ್ದರು. ಗ್ರಾಮದ ಜನರು ಮತ್ತು ಯುವ ಸಮುದಾಯ ಒಗ್ಗಟ್ಟಾಗಿ ಕೆಲಸ ಮಾಡಬೇಕು ಎಂದು ಹೇಳಿದರು. ಶಿವಮೊಗ್ಗ ಜಿಲ್ಲೆಯ ವಿವಿಧೆಡೆ ನಡೆದ ಕಾರ್ಯಕ್ರಮದಲ್ಲಿ ಸಾರ್ವಜನಿಕರು, ಗಣ್ಯರು ಹಾಗೂ ಸಂಘ ಸಂಸ್ಥೆಗಳ ಪದಾಧಿಕಾರಿಗಳು ಭಾಗವಹಿಸಿದ್ದರು. ಸಮಾಜದ ಅಭಿವೃದ್ಧಿಗಾಗಿ ಸರ್ಕಾರದ ಯೋಜನೆಗಳನ್ನು ಸದುಪಯೋಗಪಡಿಸಿಕೊಳ್ಳಬೇಕು ಎಂದು ತಿಳಿಸಿದರು. ಈ ಸಂದರ್ಭದಲ್ಲಿ ಪ್ರಮುಖರು ಉಪಸ್ಥಿತರಿದ್ದರು. ಗ್ರಾಮದ ಜನರು ಮತ್ತು ಯುವ ಸಮುದಾಯ ಒಗ್ಗಟ್ಟಾಗಿ ಕೆಲಸ ಮಾಡಬೇಕು ಎಂದು ಹೇಳಿದರು. ಶಿವಮೊಗ್ಗ ಜಿಲ್ಲೆಯ ವಿವಿಧೆಡೆ ನಡೆದ ಕಾರ್ಯಕ್ರಮದಲ್ಲಿ ಸಾರ್ವಜನಿಕರು, ಗಣ್ಯರು ಹಾಗೂ ಸಂಘ ಸಂಸ್ಥೆಗಳ ಪದಾಧಿಕಾರಿಗಳು ಭಾಗವಹಿಸಿದ್ದರು. ಸಮಾಜದ ಅಭಿವೃದ್ಧಿಗಾಗಿ ಸರ್ಕಾರದ ಯೋಜನೆಗಳನ್ನು ಸದುಪಯೋಗಪಡಿಸಿಕೊಳ್ಳಬೇಕು ಎಂದು ತಿಳಿಸಿದರು. ಈ ಸಂದರ್ಭದಲ್ಲಿ ಪ್ರಮುಖರು ಉಪಸ್ಥಿತರಿದ್ದರು. ಗ್ರಾಮದ ಜನರು ಮತ್ತು ಯುವ ಸಮುದಾಯ ಒಗ್ಗಟ್ಟಾಗಿ ಕೆಲಸ ಮಾಡಬೇಕು ಎಂದು ಹೇಳಿದರು.
ಹೊಂಬುಜ ಮಠದಲ್ಲಿ ಜೈನ ಮುನಿದೀಕ್ಷೆ ಕಾರ್ಯಕ್ರಮ
ರಿಪ್ಪನ್ ಪೇಟೆ: ಶಿವಮೊಗ್ಗ ಜಿಲ್ಲೆಯ ವಿವಿಧೆಡೆ ನಡೆದ ಕಾರ್ಯಕ್ರಮದಲ್ಲಿ ಸಾರ್ವಜನಿಕರು, ಗಣ್ಯರು ಹಾಗೂ ಸಂಘ ಸಂಸ್ಥೆಗಳ ಪದಾಧಿಕಾರಿಗಳು ಭಾಗವಹಿಸಿದ್ದರು. ಸಮಾಜದ ಅಭಿವೃದ್ಧಿಗಾಗಿ ಸರ್ಕಾರದ ಯೋಜನೆಗಳನ್ನು ಸದುಪಯೋಗಪಡಿಸಿಕೊಳ್ಳಬೇಕು ಎಂದು ತಿಳಿಸಿದರು. ಈ ಸಂದರ್ಭದಲ್ಲಿ ಪ್ರಮುಖರು ಉಪಸ್ಥಿತರಿದ್ದರು. ಗ್ರಾಮದ ಜನರು ಮತ್ತು ಯುವ ಸಮುದಾಯ ಒಗ್ಗಟ್ಟಾಗಿ ಕೆಲಸ ಮಾಡಬೇಕು ಎಂದು ಹೇಳಿದರು. ಶಿವಮೊಗ್ಗ ಜಿಲ್ಲೆಯ ವಿವಿಧೆಡೆ ನಡೆದ ಕಾರ್ಯಕ್ರಮದಲ್ಲಿ ಸಾರ್ವಜನಿಕರು, ಗಣ್ಯರು ಹಾಗೂ ಸಂಘ ಸಂಸ್ಥೆಗಳ ಪದಾಧಿಕಾರಿಗಳು ಭಾಗವಹಿಸಿದ್ದರು. ಸಮಾಜದ ಅಭಿವೃದ್ಧಿಗಾಗಿ ಸರ್ಕಾರದ ಯೋಜನೆಗಳನ್ನು ಸದುಪಯೋಗಪಡಿಸಿಕೊಳ್ಳಬೇಕು ಎಂದು ತಿಳಿಸಿದರು. ಈ ಸಂದರ್ಭದಲ್ಲಿ ಪ್ರಮುಖರು ಉಪಸ್ಥಿತರಿದ್ದರು. ಗ್ರಾಮದ ಜನರು ಮತ್ತು ಯುವ ಸಮುದಾಯ ಒಗ್ಗಟ್ಟಾಗಿ ಕೆಲಸ ಮಾಡಬೇಕು ಎಂದು ಹೇಳಿದರು. ಶಿವಮೊಗ್ಗ ಜಿಲ್ಲೆಯ ವಿವಿಧೆಡೆ ನಡೆದ ಕಾರ್ಯಕ್ರಮದಲ್ಲಿ ಸಾರ್ವಜನಿಕರು, ಗಣ್ಯರು ಹಾಗೂ ಸಂಘ ಸಂಸ್ಥೆಗಳ ಪದಾಧಿಕಾರಿಗಳು ಭಾಗವಹಿಸಿದ್ದರು. ಸಮಾಜದ ಅಭಿವೃದ್ಧಿಗಾಗಿ ಸರ್ಕಾರದ ಯೋಜನೆಗಳನ್ನು ಸದುಪಯೋಗಪಡಿಸಿಕೊಳ್ಳಬೇಕು ಎಂದು ತಿಳಿಸಿದರು. ಈ ಸಂದರ್ಭದಲ್ಲಿ ಪ್ರಮುಖರು ಉಪಸ್ಥಿತರಿದ್ದರು. ಗ್ರಾಮದ ಜನರು ಮತ್ತು ಯುವ ಸಮುದಾಯ ಒಗ್ಗಟ್ಟಾಗಿ ಕೆಲಸ ಮಾಡಬೇಕು ಎಂದು ಹೇಳಿದರು. ಶಿವಮೊಗ್ಗ ಜಿಲ್ಲೆಯ ವಿವಿಧೆಡೆ ನಡೆದ ಕಾರ್ಯಕ್ರಮದಲ್ಲಿ ಸಾರ್ವಜನಿಕರು, ಗಣ್ಯರು ಹಾಗೂ ಸಂಘ ಸಂಸ್ಥೆಗಳ ಪದಾಧಿಕಾರಿಗಳು ಭಾಗವಹಿಸಿದ್ದರು. ಸಮಾಜದ ಅಭಿವೃದ್ಧಿಗಾಗಿ ಸರ್ಕಾರದ ಯೋಜನೆಗಳನ್ನು ಸದುಪಯೋಗಪಡಿಸಿಕೊಳ್ಳಬೇಕು ಎಂದು ತಿಳಿಸಿದರು. ಈ ಸಂದರ್ಭದಲ್ಲಿ ಪ್ರಮುಖರು ಉಪಸ್ಥಿತರಿದ್ದರು. ಗ್ರಾಮದ ಜನರು ಮತ್ತು ಯುವ ಸಮುದಾಯ ಒಗ್ಗಟ್ಟಾಗಿ ಕೆಲಸ ಮಾಡಬೇಕು ಎಂದು ಹೇಳಿದರು.
ಶಿವಮೊಗ್ಗ ಜಿಲ್ಲೆಯ ವಿವಿಧೆಡೆ ನಡೆದ ಕಾರ್ಯಕ್ರಮದಲ್ಲಿ ಸಾರ್ವಜನಿಕರು, ಗಣ್ಯರು ಹಾಗೂ ಸಂಘ ಸಂಸ್ಥೆಗಳ ಪದಾಧಿಕಾರಿಗಳು ಭಾಗವಹಿಸಿದ್ದರು. ಸಮಾಜದ ಅಭಿವೃದ್ಧಿಗಾಗಿ ಸರ್ಕಾರದ ಯೋಜನೆಗಳನ್ನು ಸದುಪಯೋಗಪಡಿಸಿಕೊಳ್ಳಬೇಕು ಎಂದು ತಿಳಿಸಿದರು. ಈ ಸಂದರ್ಭದಲ್ಲಿ ಪ್ರಮುಖರು ಉಪಸ್ಥಿತರಿದ್ದರು. ಗ್ರಾಮದ ಜನರು ಮತ್ತು ಯುವ ಸಮುದಾಯ ಒಗ್ಗಟ್ಟಾಗಿ ಕೆಲಸ ಮಾಡಬೇಕು ಎಂದು ಹೇಳಿದರು. ಮುನಿಶ್ರೀ 108 ನಮಯಸಾಗರಜೀಮಹಾರಾಜ ಪರಿಚಯ: ಶಿವಮೊಗ್ಗ ಜಿಲ್ಲೆಯ ವಿವಿಧೆಡೆ ನಡೆದ ಕಾರ್ಯಕ್ರಮದಲ್ಲಿ ಸಾರ್ವಜನಿಕರು, ಗಣ್ಯರು ಹಾಗೂ ಸಂಘ ಸಂಸ್ಥೆಗಳ ಪದಾಧಿಕಾರಿಗಳು ಭಾಗವಹಿಸಿದ್ದರು. ಸಮಾಜದ ಅಭಿವೃದ್ಧಿಗಾಗಿ ಸರ್ಕಾರದ ಯೋಜನೆಗಳನ್ನು ಸದುಪಯೋಗಪಡಿಸಿಕೊಳ್ಳಬೇಕು ಎಂದು ತಿಳಿಸಿದರು. ಈ ಸಂದರ್ಭದಲ್ಲಿ ಪ್ರಮುಖರು ಉಪಸ್ಥಿತರಿದ್ದರು. ಗ್ರಾಮದ ಜನರು ಮತ್ತು ಯುವ ಸಮುದಾಯ ಒಗ್ಗಟ್ಟಾಗಿ ಕೆಲಸ ಮಾಡಬೇಕು ಎಂದು ಹೇಳಿದರು. 15-05-2023 ಶಿವಮೊಗ್ಗ ಜಿಲ್ಲೆಯ ವಿವಿಧೆಡೆ ನಡೆದ ಕಾರ್ಯಕ್ರಮದಲ್ಲಿ ಸಾರ್ವಜನಿಕರು, ಗಣ್ಯರು ಹಾಗೂ ಸಂಘ ಸಂಸ್ಥೆಗಳ ಪದಾಧಿಕಾರಿಗಳು ಭಾಗವಹಿಸಿದ್ದರು. ಸಮಾಜದ ಅಭಿವೃದ್ಧಿಗಾಗಿ ಸರ್ಕಾರದ ಯೋಜನೆಗಳನ್ನು ಸದುಪಯೋಗಪಡಿಸಿಕೊಳ್ಳಬೇಕು ಎಂದು ತಿಳಿಸಿದರು. ಈ ಸಂದರ್ಭದಲ್ಲಿ ಪ್ರಮುಖರು ಉಪಸ್ಥಿತರಿದ್ದರು. ಗ್ರಾಮದ ಜನರು ಮತ್ತು ಯುವ ಸಮುದಾಯ ಒಗ್ಗಟ್ಟಾಗಿ ಕೆಲಸ ಮಾಡಬೇಕು ಎಂದು ಹೇಳಿದರು.
ಶಿವಮೊಗ್ಗ ಜಿಲ್ಲೆಯ ವಿವಿಧೆಡೆ ನಡೆದ ಕಾರ್ಯಕ್ರಮದಲ್ಲಿ ಸಾರ್ವಜನಿಕರು, ಗಣ್ಯರು ಹಾಗೂ ಸಂಘ ಸಂಸ್ಥೆಗಳ ಪದಾಧಿಕಾರಿಗಳು ಭಾಗವಹಿಸಿದ್ದರು. ಸಮಾಜದ ಅಭಿವೃದ್ಧಿಗಾಗಿ ಸರ್ಕಾರದ ಯೋಜನೆಗಳನ್ನು ಸದುಪಯೋಗಪಡಿಸಿಕೊಳ್ಳಬೇಕು ಎಂದು ತಿಳಿಸಿದರು. ಈ ಸಂದರ್ಭದಲ್ಲಿ ಪ್ರಮುಖರು ಉಪಸ್ಥಿತರಿದ್ದರು. ಗ್ರಾಮದ ಜನರು ಮತ್ತು ಯುವ ಸಮುದಾಯ ಒಗ್ಗಟ್ಟಾಗಿ ಕೆಲಸ ಮಾಡಬೇಕು ಎಂದು ಹೇಳಿದರು.
ಮುನಿಶ್ರೀ ದೀಕ್ಷೆ ಮಹತ್ವ: ಶಿವಮೊಗ್ಗ ಜಿಲ್ಲೆಯ ವಿವಿಧೆಡೆ ನಡೆದ ಕಾರ್ಯಕ್ರಮದಲ್ಲಿ ಸಾರ್ವಜನಿಕರು, ಗಣ್ಯರು ಹಾಗೂ ಸಂಘ ಸಂಸ್ಥೆಗಳ ಪದಾಧಿಕಾರಿಗಳು ಭಾಗವಹಿಸಿದ್ದರು. ಸಮಾಜದ ಅಭಿವೃದ್ಧಿಗಾಗಿ ಸರ್ಕಾರದ ಯೋಜನೆಗಳನ್ನು ಸದುಪಯೋಗಪಡಿಸಿಕೊಳ್ಳಬೇಕು ಎಂದು ತಿಳಿಸಿದರು. ಈ ಸಂದರ್ಭದಲ್ಲಿ ಪ್ರಮುಖರು ಉಪಸ್ಥಿತರಿದ್ದರು. ಗ್ರಾಮದ ಜನರು ಮತ್ತು ಯುವ ಸಮುದಾಯ ಒಗ್ಗಟ್ಟಾಗಿ ಕೆಲಸ ಮಾಡಬೇಕು ಎಂದು ಹೇಳಿದರು.
ಪ್ರತಿಯೊಂದು ಆಚರಣೆಗೂ ವಿಶೇಷ ಇದೆ: ಸ್ವಾಮೀಜಿ
ಸೊರಬ : ಶಿವಮೊಗ್ಗ ಜಿಲ್ಲೆಯ ವಿವಿಧೆಡೆ ನಡೆದ ಕಾರ್ಯಕ್ರಮದಲ್ಲಿ ಸಾರ್ವಜನಿಕರು, ಗಣ್ಯರು ಹಾಗೂ ಸಂಘ ಸಂಸ್ಥೆಗಳ ಪದಾಧಿಕಾರಿಗಳು ಭಾಗವಹಿಸಿದ್ದರು. ಸಮಾಜದ ಅಭಿವೃದ್ಧಿಗಾಗಿ ಸರ್ಕಾರದ ಯೋಜನೆಗಳನ್ನು ಸದುಪಯೋಗಪಡಿಸಿಕೊಳ್ಳಬೇಕು ಎಂದು ತಿಳಿಸಿದರು. ಈ ಸಂದರ್ಭದಲ್ಲಿ ಪ್ರಮುಖರು ಉಪಸ್ಥಿತರಿದ್ದರು. ಗ್ರಾಮದ ಜನರು ಮತ್ತು ಯುವ ಸಮುದಾಯ ಒಗ್ಗಟ್ಟಾಗಿ ಕೆಲಸ ಮಾಡಬೇಕು ಎಂದು ಹೇಳಿದರು. ಶಿವಮೊಗ್ಗ ಜಿಲ್ಲೆಯ ವಿವಿಧೆಡೆ ನಡೆದ ಕಾರ್ಯಕ್ರಮದಲ್ಲಿ ಸಾರ್ವಜನಿಕರು, ಗಣ್ಯರು ಹಾಗೂ ಸಂಘ ಸಂಸ್ಥೆಗಳ ಪದಾಧಿಕಾರಿಗಳು ಭಾಗವಹಿಸಿದ್ದರು. ಸಮಾಜದ ಅಭಿವೃದ್ಧಿಗಾಗಿ ಸರ್ಕಾರದ ಯೋಜನೆಗಳನ್ನು ಸದುಪಯೋಗಪಡಿಸಿಕೊಳ್ಳಬೇಕು ಎಂದು ತಿಳಿಸಿದರು. ಈ ಸಂದರ್ಭದಲ್ಲಿ ಪ್ರಮುಖರು ಉಪಸ್ಥಿತರಿದ್ದರು. ಗ್ರಾಮದ ಜನರು ಮತ್ತು ಯುವ ಸಮುದಾಯ ಒಗ್ಗಟ್ಟಾಗಿ ಕೆಲಸ ಮಾಡಬೇಕು ಎಂದು ಹೇಳಿದರು. ಶಿವಮೊಗ್ಗ ಜಿಲ್ಲೆಯ ವಿವಿಧೆಡೆ ನಡೆದ ಕಾರ್ಯಕ್ರಮದಲ್ಲಿ ಸಾರ್ವಜನಿಕರು, ಗಣ್ಯರು ಹಾಗೂ ಸಂಘ ಸಂಸ್ಥೆಗಳ ಪದಾಧಿಕಾರಿಗಳು ಭಾಗವಹಿಸಿದ್ದರು. ಸಮಾಜದ ಅಭಿವೃದ್ಧಿಗಾಗಿ ಸರ್ಕಾರದ ಯೋಜನೆಗಳನ್ನು ಸದುಪಯೋಗಪಡಿಸಿಕೊಳ್ಳಬೇಕು ಎಂದು ತಿಳಿಸಿದರು. ಈ ಸಂದರ್ಭದಲ್ಲಿ ಪ್ರಮುಖರು ಉಪಸ್ಥಿತರಿದ್ದರು. ಗ್ರಾಮದ ಜನರು ಮತ್ತು ಯುವ ಸಮುದಾಯ ಒಗ್ಗಟ್ಟಾಗಿ ಕೆಲಸ ಮಾಡಬೇಕು ಎಂದು ಹೇಳಿದರು. ಶಿವಮೊಗ್ಗ ಜಿಲ್ಲೆಯ ವಿವಿಧೆಡೆ ನಡೆದ ಕಾರ್ಯಕ್ರಮದಲ್ಲಿ ಸಾರ್ವಜನಿಕರು, ಗಣ್ಯರು ಹಾಗೂ ಸಂಘ ಸಂಸ್ಥೆಗಳ ಪದಾಧಿಕಾರಿಗಳು ಭಾಗವಹಿಸಿದ್ದರು. ಸಮಾಜದ ಅಭಿವೃದ್ಧಿಗಾಗಿ ಸರ್ಕಾರದ ಯೋಜನೆಗಳನ್ನು ಸದುಪಯೋಗಪಡಿಸಿಕೊಳ್ಳಬೇಕು ಎಂದು ತಿಳಿಸಿದರು. ಈ ಸಂದರ್ಭದಲ್ಲಿ ಪ್ರಮುಖರು ಉಪಸ್ಥಿತರಿದ್ದರು. ಗ್ರಾಮದ ಜನರು ಮತ್ತು ಯುವ ಸಮುದಾಯ ಒಗ್ಗಟ್ಟಾಗಿ ಕೆಲಸ ಮಾಡಬೇಕು ಎಂದು ಹೇಳಿದರು.
ಶಿವಮೊಗ್ಗ ಜಿಲ್ಲೆಯ ವಿವಿಧೆಡೆ ನಡೆದ ಕಾರ್ಯಕ್ರಮದಲ್ಲಿ ಸಾರ್ವಜನಿಕರು, ಗಣ್ಯರು ಹಾಗೂ ಸಂಘ ಸಂಸ್ಥೆಗಳ ಪದಾಧಿಕಾರಿಗಳು ಭಾಗವಹಿಸಿದ್ದರು. ಸಮಾಜದ ಅಭಿವೃದ್ಧಿಗಾಗಿ ಸರ್ಕಾರದ ಯೋಜನೆಗಳನ್ನು ಸದುಪಯೋಗಪಡಿಸಿಕೊಳ್ಳಬೇಕು ಎಂದು ತಿಳಿಸಿದರು. ಈ ಸಂದರ್ಭದಲ್ಲಿ ಪ್ರಮುಖರು ಉಪಸ್ಥಿತರಿದ್ದರು. ಗ್ರಾಮದ ಜನರು ಮತ್ತು ಯುವ ಸಮುದಾಯ ಒಗ್ಗಟ್ಟಾಗಿ ಕೆಲಸ ಮಾಡಬೇಕು ಎಂದು ಹೇಳಿದರು. ಶಿವಮೊಗ್ಗ ಜಿಲ್ಲೆಯ ವಿವಿಧೆಡೆ ನಡೆದ ಕಾರ್ಯಕ್ರಮದಲ್ಲಿ ಸಾರ್ವಜನಿಕರು, ಗಣ್ಯರು ಹಾಗೂ ಸಂಘ ಸಂಸ್ಥೆಗಳ ಪದಾಧಿಕಾರಿಗಳು ಭಾಗವಹಿಸಿದ್ದರು. ಸಮಾಜದ ಅಭಿವೃದ್ಧಿಗಾಗಿ ಸರ್ಕಾರದ ಯೋಜನೆಗಳನ್ನು ಸದುಪಯೋಗಪಡಿಸಿಕೊಳ್ಳಬೇಕು ಎಂದು ತಿಳಿಸಿದರು. ಈ ಸಂದರ್ಭದಲ್ಲಿ ಪ್ರಮುಖರು ಉಪಸ್ಥಿತರಿದ್ದರು. ಗ್ರಾಮದ ಜನರು ಮತ್ತು ಯುವ ಸಮುದಾಯ ಒಗ್ಗಟ್ಟಾಗಿ ಕೆಲಸ ಮಾಡಬೇಕು ಎಂದು ಹೇಳಿದರು. ಶಿವಮೊಗ್ಗ ಜಿಲ್ಲೆಯ ವಿವಿಧೆಡೆ ನಡೆದ ಕಾರ್ಯಕ್ರಮದಲ್ಲಿ ಸಾರ್ವಜನಿಕರು, ಗಣ್ಯರು ಹಾಗೂ ಸಂಘ ಸಂಸ್ಥೆಗಳ ಪದಾಧಿಕಾರಿಗಳು ಭಾಗವಹಿಸಿದ್ದರು. ಸಮಾಜದ ಅಭಿವೃದ್ಧಿಗಾಗಿ ಸರ್ಕಾರದ ಯೋಜನೆಗಳನ್ನು ಸದುಪಯೋಗಪಡಿಸಿಕೊಳ್ಳಬೇಕು ಎಂದು ತಿಳಿಸಿದರು. ಈ ಸಂದರ್ಭದಲ್ಲಿ ಪ್ರಮುಖರು ಉಪಸ್ಥಿತರಿದ್ದರು. ಗ್ರಾಮದ ಜನರು ಮತ್ತು ಯುವ ಸಮುದಾಯ ಒಗ್ಗಟ್ಟಾಗಿ ಕೆಲಸ ಮಾಡಬೇಕು ಎಂದು ಹೇಳಿದರು. ಶಿವಮೊಗ್ಗ ಜಿಲ್ಲೆಯ ವಿವಿಧೆಡೆ ನಡೆದ ಕಾರ್ಯಕ್ರಮದಲ್ಲಿ ಸಾರ್ವಜನಿಕರು, ಗಣ್ಯರು ಹಾಗೂ ಸಂಘ ಸಂಸ್ಥೆಗಳ ಪದಾಧಿಕಾರಿಗಳು ಭಾಗವಹಿಸಿದ್ದರು. ಸಮಾಜದ ಅಭಿವೃದ್ಧಿಗಾಗಿ ಸರ್ಕಾರದ ಯೋಜನೆಗಳನ್ನು ಸದುಪಯೋಗಪಡಿಸಿಕೊಳ್ಳಬೇಕು ಎಂದು ತಿಳಿಸಿದರು. ಈ ಸಂದರ್ಭದಲ್ಲಿ ಪ್ರಮುಖರು ಉಪಸ್ಥಿತರಿದ್ದರು. ಗ್ರಾಮದ ಜನರು ಮತ್ತು ಯುವ ಸಮುದಾಯ ಒಗ್ಗಟ್ಟಾಗಿ ಕೆಲಸ ಮಾಡಬೇಕು ಎಂದು ಹೇಳಿದರು.
